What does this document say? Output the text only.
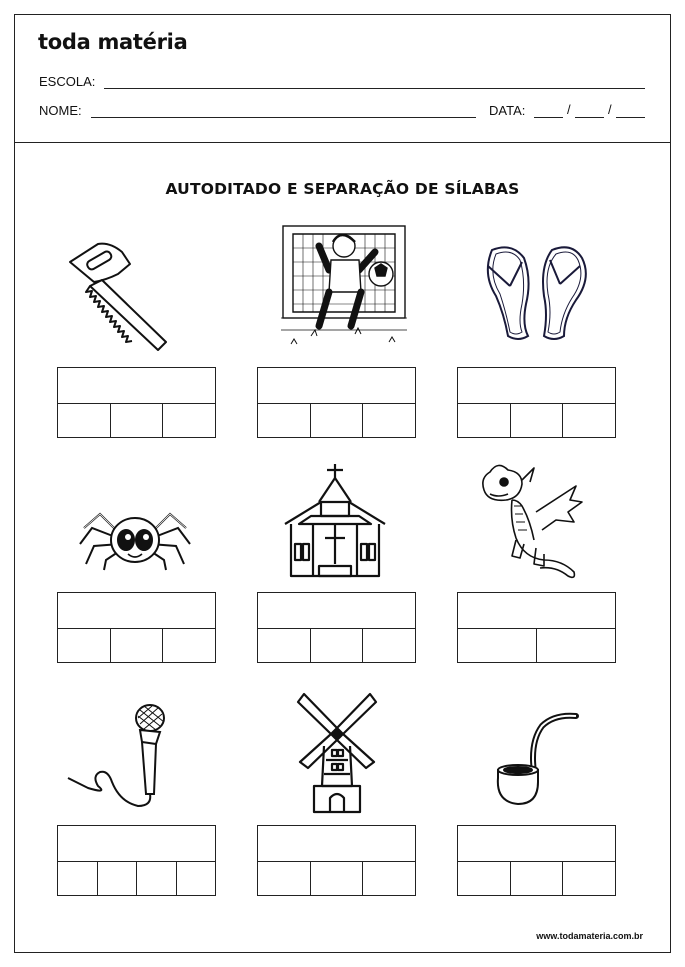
toda matéria
ESCOLA:
NOME:	DATA:	/	/
AUTODITADO E SEPARAÇÃO DE SÍLABAS
www.todamateria.com.br
